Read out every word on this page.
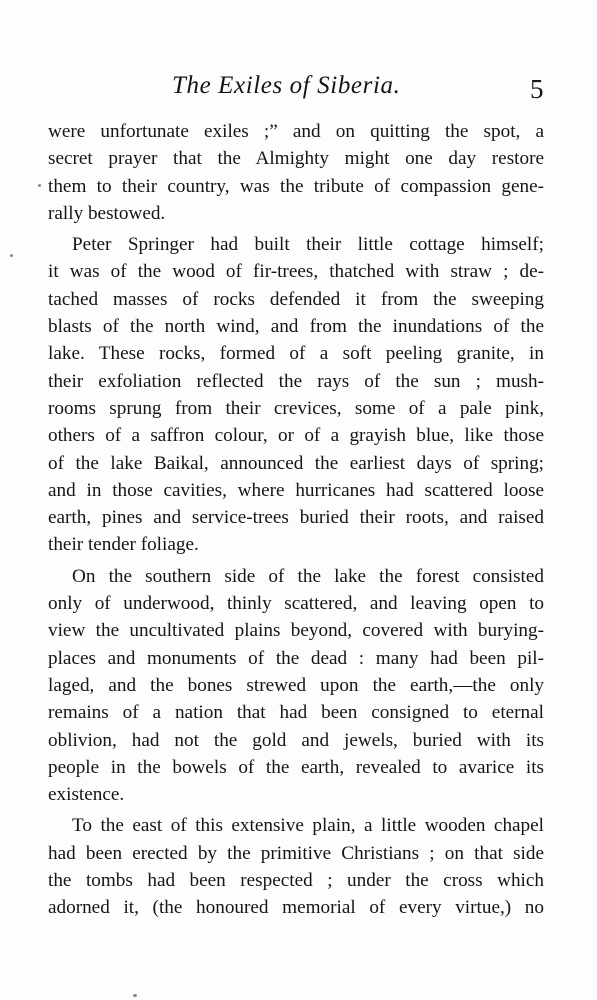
The Exiles of Siberia.	5

were unfortunate exiles ;” and on quitting the spot, a
secret prayer that the Almighty might one day restore
them to their country, was the tribute of compassion gene-
rally bestowed.

Peter Springer had built their little cottage himself;
it was of the wood of fir-trees, thatched with straw ; de-
tached masses of rocks defended it from the sweeping
blasts of the north wind, and from the inundations of the
lake. These rocks, formed of a soft peeling granite, in
their exfoliation reflected the rays of the sun ; mush-
rooms sprung from their crevices, some of a pale pink,
others of a saffron colour, or of a grayish blue, like those
of the lake Baikal, announced the earliest days of spring;
and in those cavities, where hurricanes had scattered loose
earth, pines and service-trees buried their roots, and raised
their tender foliage.

On the southern side of the lake the forest consisted
only of underwood, thinly scattered, and leaving open to
view the uncultivated plains beyond, covered with burying-
places and monuments of the dead : many had been pil-
laged, and the bones strewed upon the earth,—the only
remains of a nation that had been consigned to eternal
oblivion, had not the gold and jewels, buried with its
people in the bowels of the earth, revealed to avarice its
existence.

To the east of this extensive plain, a little wooden chapel
had been erected by the primitive Christians ; on that side
the tombs had been respected ; under the cross which
adorned it, (the honoured memorial of every virtue,) no
